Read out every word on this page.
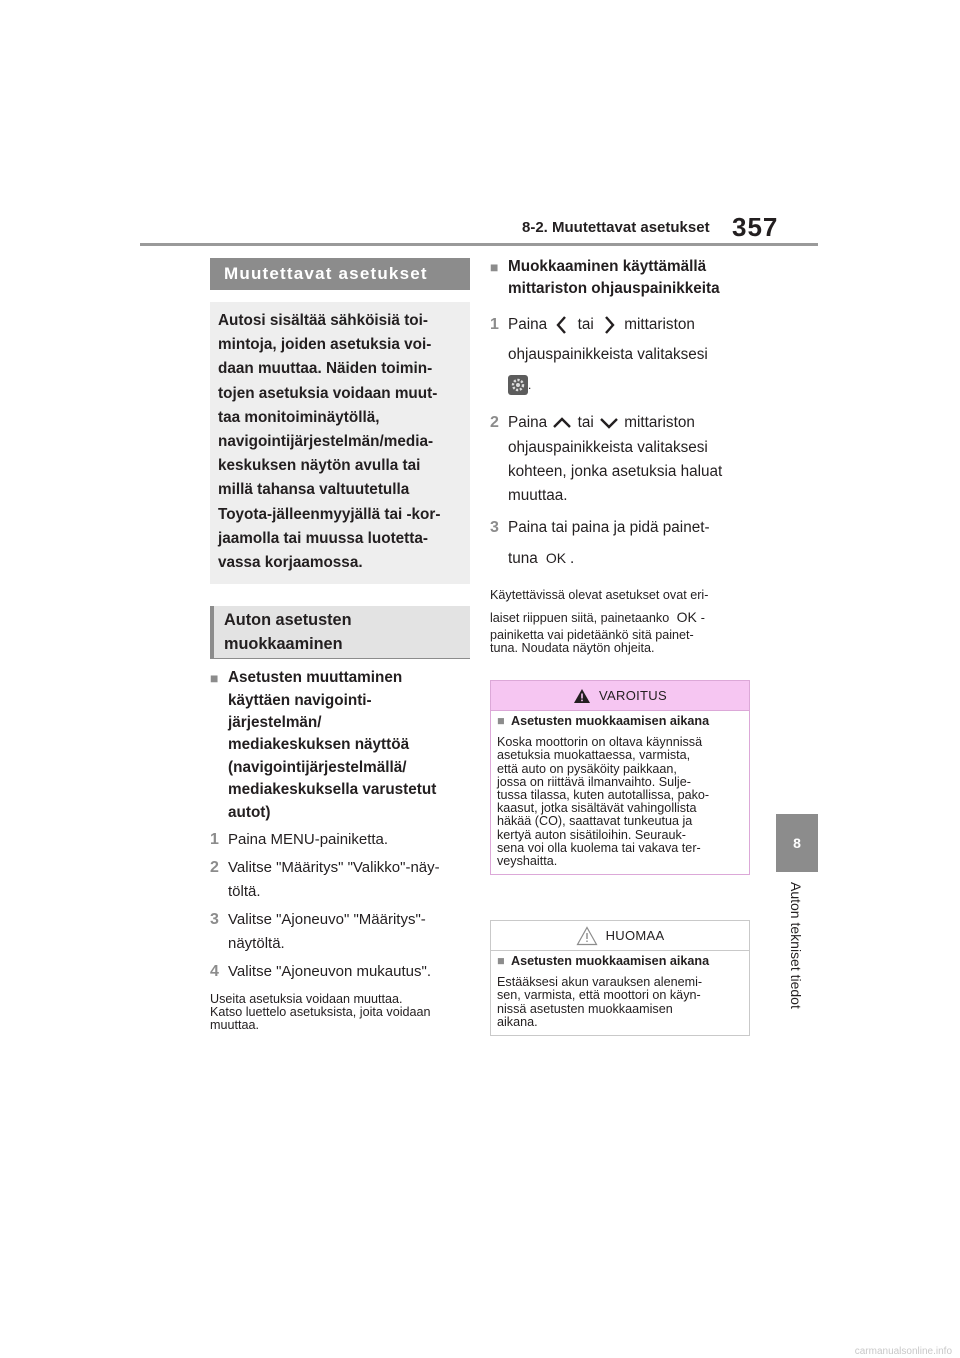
8-2. Muutettavat asetukset 357
8
Auton tekniset tiedot
Muutettavat asetukset
Autosi sisältää sähköisiä toi-
mintoja, joiden asetuksia voi-
daan muuttaa. Näiden toimin-
tojen asetuksia voidaan muut-
taa monitoiminäytöllä,
navigointijärjestelmän/media-
keskuksen näytön avulla tai
millä tahansa valtuutetulla
Toyota-jälleenmyyjällä tai -kor-
jaamolla tai muussa luotetta-
vassa korjaamossa.
Auton asetusten
muokkaaminen
■ Asetusten muuttaminen
käyttäen navigointi-
järjestelmän/
mediakeskuksen näyttöä
(navigointijärjestelmällä/
mediakeskuksella varustetut
autot)
1 Paina MENU-painiketta.
2 Valitse "Määritys" "Valikko"-näy-
töltä.
3 Valitse "Ajoneuvo" "Määritys"-
näytöltä.
4 Valitse "Ajoneuvon mukautus".
Useita asetuksia voidaan muuttaa.
Katso luettelo asetuksista, joita voidaan
muuttaa.
■ Muokkaaminen käyttämällä
mittariston ohjauspainikkeita
1 Paina tai mittariston
ohjauspainikkeista valitaksesi
.
2 Paina tai mittariston
ohjauspainikkeista valitaksesi
kohteen, jonka asetuksia haluat
muuttaa.
3 Paina tai paina ja pidä painet-
tuna OK .
Käytettävissä olevat asetukset ovat eri-
laiset riippuen siitä, painetaanko OK -
painiketta vai pidetäänkö sitä painet-
tuna. Noudata näytön ohjeita.
VAROITUS
■ Asetusten muokkaamisen aikana
Koska moottorin on oltava käynnissä
asetuksia muokattaessa, varmista,
että auto on pysäköity paikkaan,
jossa on riittävä ilmanvaihto. Sulje-
tussa tilassa, kuten autotallissa, pako-
kaasut, jotka sisältävät vahingollista
häkää (CO), saattavat tunkeutua ja
kertyä auton sisätiloihin. Seurauk-
sena voi olla kuolema tai vakava ter-
veyshaitta.
HUOMAA
■ Asetusten muokkaamisen aikana
Estääksesi akun varauksen alenemi-
sen, varmista, että moottori on käyn-
nissä asetusten muokkaamisen
aikana.
carmanualsonline.info
